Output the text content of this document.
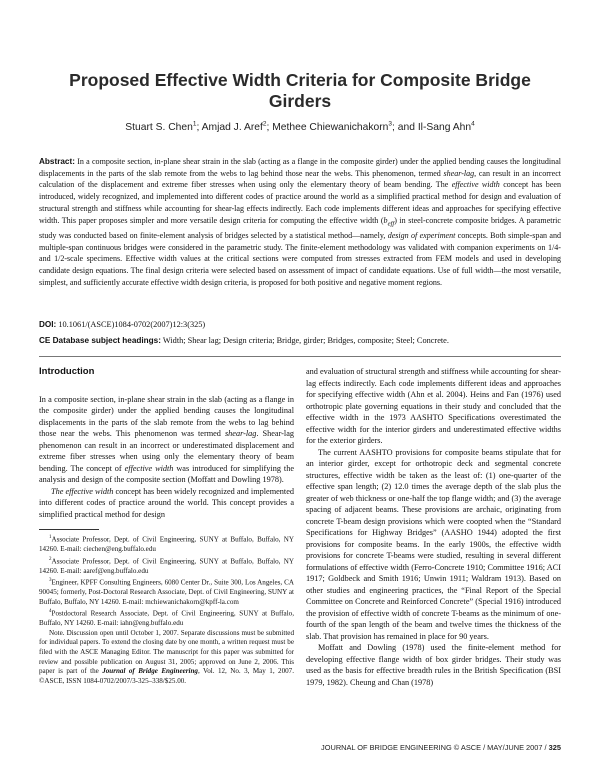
Proposed Effective Width Criteria for Composite Bridge Girders
Stuart S. Chen$^1$; Amjad J. Aref$^2$; Methee Chiewanichakorn$^3$; and Il-Sang Ahn$^4$

Abstract: In a composite section, in-plane shear strain in the slab (acting as a flange in the composite girder) under the applied bending causes the longitudinal displacements in the parts of the slab remote from the webs to lag behind those near the webs. This phenomenon, termed shear-lag, can result in an incorrect calculation of the displacement and extreme fiber stresses when using only the elementary theory of beam bending. The effective width concept has been introduced, widely recognized, and implemented into different codes of practice around the world as a simplified practical method for design and evaluation of structural strength and stiffness while accounting for shear-lag effects indirectly. Each code implements different ideas and approaches for specifying effective width. This paper proposes simpler and more versatile design criteria for computing the effective width $(b_{eff})$ in steel-concrete composite bridges. A parametric study was conducted based on finite-element analysis of bridges selected by a statistical method—namely, design of experiment concepts. Both simple-span and multiple-span continuous bridges were considered in the parametric study. The finite-element methodology was validated with companion experiments on 1/4- and 1/2-scale specimens. Effective width values at the critical sections were computed from stresses extracted from FEM models and used in developing candidate design equations. The final design criteria were selected based on assessment of impact of candidate equations. Use of full width—the most versatile, simplest, and sufficiently accurate effective width design criteria, is proposed for both positive and negative moment regions.

DOI: 10.1061/(ASCE)1084-0702(2007)12:3(325)

CE Database subject headings: Width; Shear lag; Design criteria; Bridge, girder; Bridges, composite; Steel; Concrete.

Introduction

In a composite section, in-plane shear strain in the slab (acting as a flange in the composite girder) under the applied bending causes the longitudinal displacements in the parts of the slab remote from the webs to lag behind those near the webs. This phenomenon was termed shear-lag. Shear-lag phenomenon can result in an incorrect or underestimated displacement and extreme fiber stresses when using only the elementary theory of beam bending. The concept of effective width was introduced for simplifying the analysis and design of the composite section (Moffatt and Dowling 1978).

The effective width concept has been widely recognized and implemented into different codes of practice around the world. This concept provides a simplified practical method for design

$^1$Associate Professor, Dept. of Civil Engineering, SUNY at Buffalo, Buffalo, NY 14260. E-mail: ciechen@eng.buffalo.edu

$^2$Associate Professor, Dept. of Civil Engineering, SUNY at Buffalo, Buffalo, NY 14260. E-mail: aaref@eng.buffalo.edu

$^3$Engineer, KPFF Consulting Engineers, 6080 Center Dr., Suite 300, Los Angeles, CA 90045; formerly, Post-Doctoral Research Associate, Dept. of Civil Engineering, SUNY at Buffalo, Buffalo, NY 14260. E-mail: mchiewanichakorn@kpff-la.com

$^4$Postdoctoral Research Associate, Dept. of Civil Engineering, SUNY at Buffalo, Buffalo, NY 14260. E-mail: iahn@eng.buffalo.edu

Note. Discussion open until October 1, 2007. Separate discussions must be submitted for individual papers. To extend the closing date by one month, a written request must be filed with the ASCE Managing Editor. The manuscript for this paper was submitted for review and possible publication on August 31, 2005; approved on June 2, 2006. This paper is part of the Journal of Bridge Engineering, Vol. 12, No. 3, May 1, 2007. ©ASCE, ISSN 1084-0702/2007/3-325–338/$25.00.

and evaluation of structural strength and stiffness while accounting for shear-lag effects indirectly. Each code implements different ideas and approaches for specifying effective width (Ahn et al. 2004). Heins and Fan (1976) used orthotropic plate governing equations in their study and concluded that the effective width in the 1973 AASHTO Specifications overestimated the effective width for the interior girders and underestimated effective widths for the exterior girders.

The current AASHTO provisions for composite beams stipulate that for an interior girder, except for orthotropic deck and segmental concrete structures, effective width be taken as the least of: (1) one-quarter of the effective span length; (2) 12.0 times the average depth of the slab plus the greater of web thickness or one-half the top flange width; and (3) the average spacing of adjacent beams. These provisions are archaic, originating from concrete T-beam design provisions which were coopted when the “Standard Specifications for Highway Bridges” (AASHO 1944) adopted the first provisions for composite beams. In the early 1900s, the effective width provisions for concrete T-beams were studied, resulting in several different formulations of effective width (Ferro-Concrete 1910; Committee 1916; ACI 1917; Goldbeck and Smith 1916; Unwin 1911; Waldram 1913). Based on other studies and engineering practices, the “Final Report of the Special Committee on Concrete and Reinforced Concrete” (Special 1916) introduced the provision of effective width of concrete T-beams as the minimum of one-fourth of the span length of the beam and twelve times the thickness of the slab. That provision has remained in place for 90 years.

Moffatt and Dowling (1978) used the finite-element method for developing effective flange width of box girder bridges. Their study was used as the basis for effective breadth rules in the British Specification (BSI 1979, 1982). Cheung and Chan (1978)

JOURNAL OF BRIDGE ENGINEERING © ASCE / MAY/JUNE 2007 / 325
